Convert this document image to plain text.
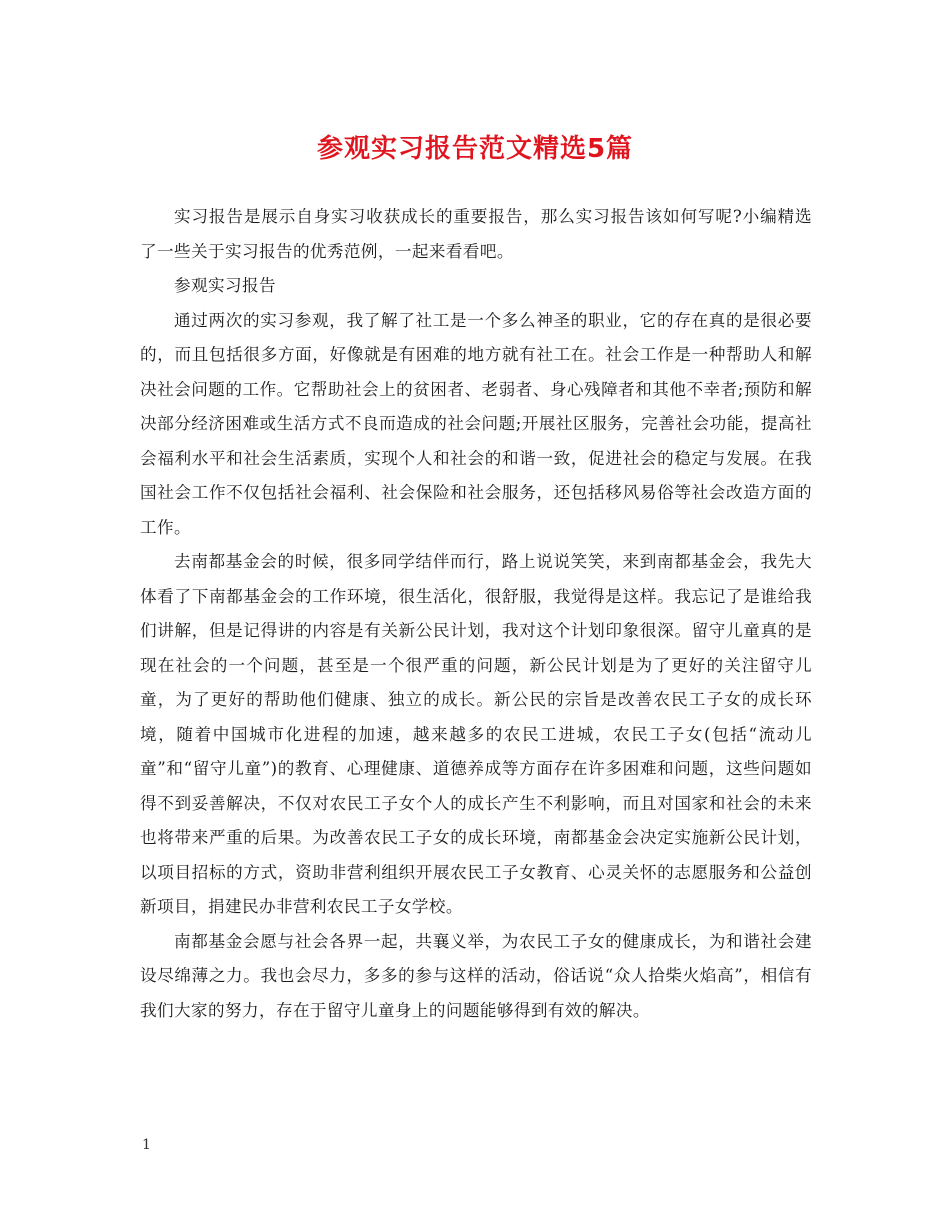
参观实习报告范文精选5篇

实习报告是展示自身实习收获成长的重要报告，那么实习报告该如何写呢?小编精选了一些关于实习报告的优秀范例，一起来看看吧。

参观实习报告

通过两次的实习参观，我了解了社工是一个多么神圣的职业，它的存在真的是很必要的，而且包括很多方面，好像就是有困难的地方就有社工在。社会工作是一种帮助人和解决社会问题的工作。它帮助社会上的贫困者、老弱者、身心残障者和其他不幸者;预防和解决部分经济困难或生活方式不良而造成的社会问题;开展社区服务，完善社会功能，提高社会福利水平和社会生活素质，实现个人和社会的和谐一致，促进社会的稳定与发展。在我国社会工作不仅包括社会福利、社会保险和社会服务，还包括移风易俗等社会改造方面的工作。

去南都基金会的时候，很多同学结伴而行，路上说说笑笑，来到南都基金会，我先大体看了下南都基金会的工作环境，很生活化，很舒服，我觉得是这样。我忘记了是谁给我们讲解，但是记得讲的内容是有关新公民计划，我对这个计划印象很深。留守儿童真的是现在社会的一个问题，甚至是一个很严重的问题，新公民计划是为了更好的关注留守儿童，为了更好的帮助他们健康、独立的成长。新公民的宗旨是改善农民工子女的成长环境，随着中国城市化进程的加速，越来越多的农民工进城，农民工子女(包括“流动儿童”和“留守儿童”)的教育、心理健康、道德养成等方面存在许多困难和问题，这些问题如得不到妥善解决，不仅对农民工子女个人的成长产生不利影响，而且对国家和社会的未来也将带来严重的后果。为改善农民工子女的成长环境，南都基金会决定实施新公民计划，以项目招标的方式，资助非营利组织开展农民工子女教育、心灵关怀的志愿服务和公益创新项目，捐建民办非营利农民工子女学校。

南都基金会愿与社会各界一起，共襄义举，为农民工子女的健康成长，为和谐社会建设尽绵薄之力。我也会尽力，多多的参与这样的活动，俗话说“众人拾柴火焰高”，相信有我们大家的努力，存在于留守儿童身上的问题能够得到有效的解决。

1
